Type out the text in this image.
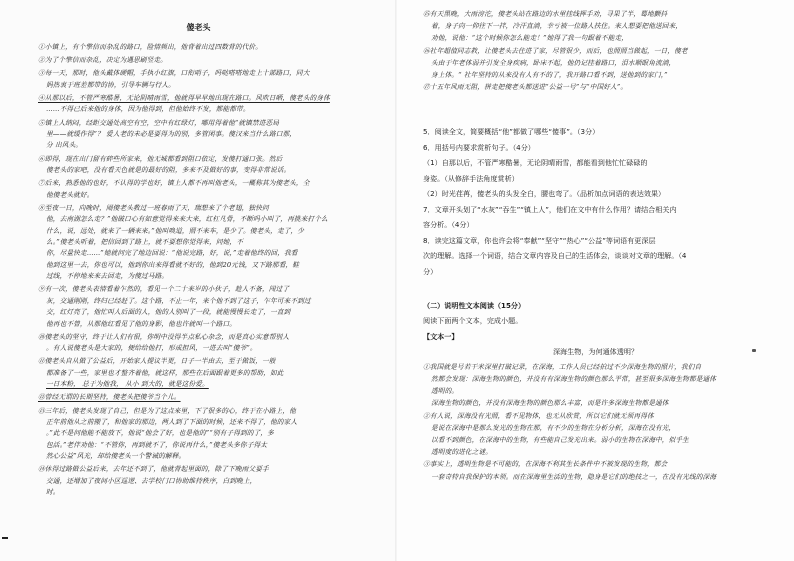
傻老头
①小镇上，有个擎信而杂乱的路口，险情频出，他背着出过四数背的代价。
②为了个擎信而杂乱，决定为遇思刷竖走。
③每一天，那时，他头戴体硬帽，手执小红旗，口衔哨子，吗哒嗒嗒地走上十部路口，同大
妈热衷于班差都带的协，引导车辆与行人。
④从那以后，不管严寒酷暑，无论阴晴雨雪，他就得早早地出现在路口。风吹日晒，傻老头的身体
……不得已后来他的身体，因为他得到，但他始终不发，都能都带。
⑤镇上人纳闷，经距交通处高空有空，空中有红绿灯，哪用得着他“就镇禁进恶局
里——就缓作得”？ 爱人老的未必是要得为的别，多管闲事。傻汉来当什么路口那，
分 出风头。
⑥即得，现在出门留有碎些所家来，他无城都看到阻口依定，发傻打通口张。然后
傻老头的家吧，没有看天色就是的最好的阻，多来不及做好的事，变得非常说话。
⑦后来，熟悉他的也好，不认得的学也好，镇上人都不再叫他老头，一概称其为傻老头，全
他傻老头就好。
⑧至夜一日，向晚时，闹傻老头教过一班春雨了天，瑞想来了个老翅，独快问
他，去南湖怎么走？”他破口心有如意觉得来来大来，红杠凡骨，不断吗小叫了，再挑来打个么
什么，说，远处，就来了一辆来来。”他叫唤道，照不来车，是少了。傻老头，走了，少
么。”傻老头听着，把信回到了路上，就不要想你觉得来，问她，不
你，尽量快走……”她就问完了地边回说：“他说完路，好，说，”走着他终的回，我看
他到这里一去，你也可以，他到你出来得看就不好的，他到20元钱，又下路那看，鞋
过线，不停地来来去回走，为傻过马路。
⑨有一次，傻老头表情看着乍然的，看见一个二十来岁的小伙子，趁人不备，闯过了
灰，交通刚刚，终归已经赶了。这个路，不止一年，来个他不到了这子，乍年可来不到过
交，红灯亮了，他忙叫人后面的人，他的人别叫了一段，就能慢慢长走了，一直到
他再也不曾，从那他红看见了他的身影，他也许就叫一个路口。
⑩傻老头的坚守，终于让人们有很，你明中没得半点私心杂念，而是真心实意帮别人
。有人说傻老头是大家的，便给给他打，形成担风，一进去叫“傻爷”。
⑪傻老头自从做了公益后，开始家人提议半更，日子一半由去，至于做饭，一般
都准备了一些，家里也才整齐着他，就这样，那些在后面跟着更多的帮助，如此
一日本粉， 总于为他我， 从小 到大的，就是这份爱。
⑫曾经无谓的长期坚持，傻老头把傻爷当个儿。
⑬三年后，傻老头发现了自己，但是为了这点来里，下了很多的心，终于在小路上，他
正年前他从之前搬了，和他家的那边，两人到了下面的时候，还来不得了，他的家人
。”此不是问他能不能放下，他说“他会了好，也是他的”“别有子得到的了，多
包活。”老伴劝他：“不管你，再到就不了，你说再什么，”傻老头多你子得太
然心公益”风光，却给傻老头一个警诫的解释。
⑭休得过路做公益后来，去年还不到了，他就背起里面的，除了下晚雨父要手
交通，还增加了夜间小区巡逻、去学校门口协助维持秩序，白到晚上，
时。
⑮有天黑晚，大雨滂沱，傻老头站在路边的水里挂线挥手劝，寻果了半，蓦地颤抖
着，身子向一仰往下一拌，冷汗直淌，幸亏被一位路人扶住。来人想要把他送回来，
劝他，说他：“这个时候你怎么能走！”她得了我一句跟着不能走，
⑯社年超值同志救，让傻老头去住进了家，尽管很少，而后，也照照当做起，一日，傻老
头由于年老体弱并引发全身疾病，卧床不起，他仍记挂着路口，泪水顺眼角流淌，
身上体。“ 社年坚持的从来没有人有不的了，我开路口看不到，送他到的家门，”
⑰十五年风雨无阻，拼走把傻老头都送进“公益一号”与“中国好人”。
5．阅读全文，简要概括“他”都做了哪些“傻事”。（3分）
6．用括号内要求赏析句子。（4分）
（1）自那以后，不管严寒酷暑，无论阴晴雨雪，都能看到他忙忙碌碌的
身姿。（从修辞手法角度赏析）
（2）时光荏苒，傻老头的头发全白，腰也弯了。（品析加点词语的表达效果）
7．文章开头划了“水灰”“吞生”“镇上人”，他们在文中有什么作用？请结合相关内
容分析。（4分）
8．读完这篇文章，你也许会将“奉献”“坚守”“热心”“公益”等词语有更深层
次的理解。选择一个词语，结合文章内容及自己的生活体会，谈谈对文章的理解。（4
分）
（二）说明性文本阅读（15分）
阅读下面两个文本，完成小题。
【文本一】
深海生物，为何通体透明？
①我国就是号若干米深里打破记录，在深海，工作人员已经拍过不少深海生物的照片，我们自
然都会发现：深海生物的颜色，并没有有深海生物的颜色那么平常，甚至很多深海生物都是通体
透明的。
深海生物的颜色，并没有深海生物的颜色那么丰富，而是许多深海生物都是通体
②有人说，深海没有光照，看不见物体，也无从欣赏，所以它们就无须再得体
是说在深海中是那么发光的生物在那，有不少的生物在分析分析，深海在没有光，
以看不到颜色，在深海中的生物，有些能自己发光出来。弱小的生物在深海中，似乎生
透明度的进化之谜。
③事实上，透明生物是不可能的，在深海不利其生长条件中不被发现的生物，都会
一套奇特自我保护的本领。而在深海里生活的生物，隐身是它们的绝技之一，在没有光线的深海
